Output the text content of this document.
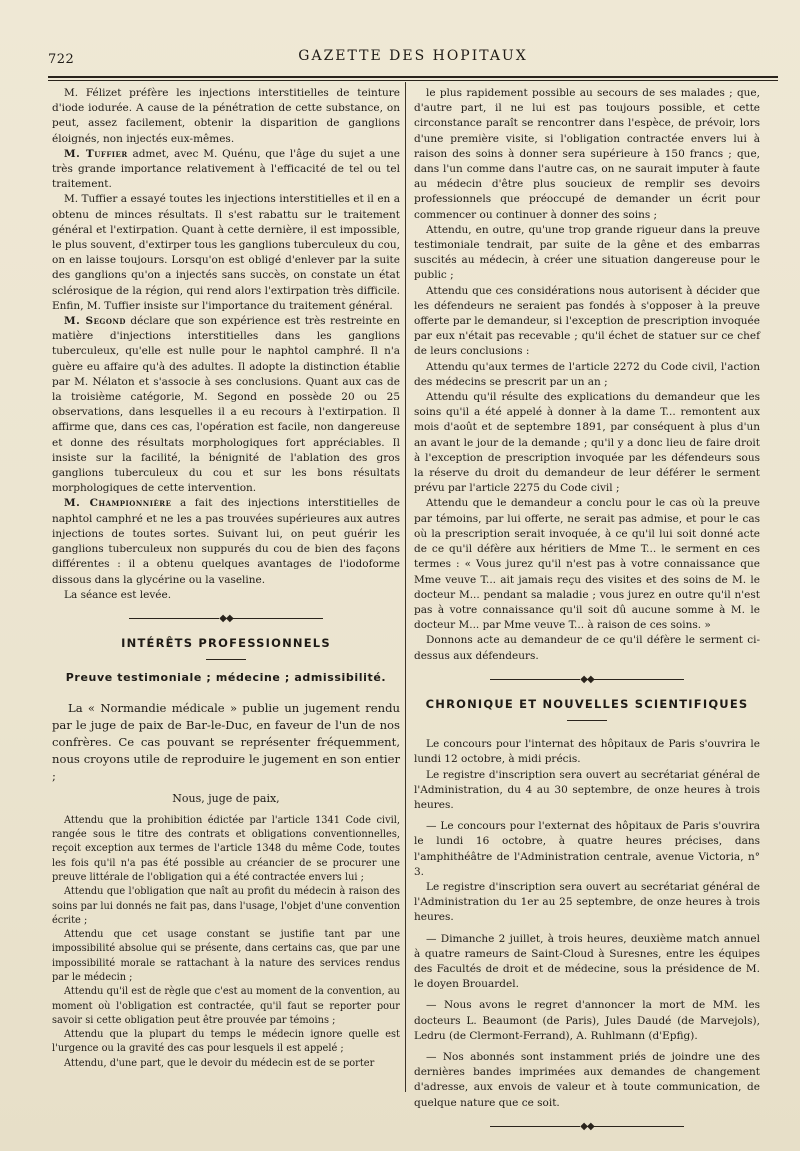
722	GAZETTE DES HOPITAUX

M. Félizet préfère les injections interstitielles de teinture d'iode iodurée. A cause de la pénétration de cette substance, on peut, assez facilement, obtenir la disparition de ganglions éloignés, non injectés eux-mêmes.

M. Tuffier admet, avec M. Quénu, que l'âge du sujet a une très grande importance relativement à l'efficacité de tel ou tel traitement.

M. Tuffier a essayé toutes les injections interstitielles et il en a obtenu de minces résultats. Il s'est rabattu sur le traitement général et l'extirpation. Quant à cette dernière, il est impossible, le plus souvent, d'extirper tous les ganglions tuberculeux du cou, on en laisse toujours. Lorsqu'on est obligé d'enlever par la suite des ganglions qu'on a injectés sans succès, on constate un état sclérosique de la région, qui rend alors l'extirpation très difficile. Enfin, M. Tuffier insiste sur l'importance du traitement général.

M. Segond déclare que son expérience est très restreinte en matière d'injections interstitielles dans les ganglions tuberculeux, qu'elle est nulle pour le naphtol camphré. Il n'a guère eu affaire qu'à des adultes. Il adopte la distinction établie par M. Nélaton et s'associe à ses conclusions. Quant aux cas de la troisième catégorie, M. Segond en possède 20 ou 25 observations, dans lesquelles il a eu recours à l'extirpation. Il affirme que, dans ces cas, l'opération est facile, non dangereuse et donne des résultats morphologiques fort appréciables. Il insiste sur la facilité, la bénignité de l'ablation des gros ganglions tuberculeux du cou et sur les bons résultats morphologiques de cette intervention.

M. Championnière a fait des injections interstitielles de naphtol camphré et ne les a pas trouvées supérieures aux autres injections de toutes sortes. Suivant lui, on peut guérir les ganglions tuberculeux non suppurés du cou de bien des façons différentes : il a obtenu quelques avantages de l'iodoforme dissous dans la glycérine ou la vaseline.

La séance est levée.

◆◆
INTÉRÊTS PROFESSIONNELS
Preuve testimoniale ; médecine ; admissibilité.

La « Normandie médicale » publie un jugement rendu par le juge de paix de Bar-le-Duc, en faveur de l'un de nos confrères. Ce cas pouvant se représenter fréquemment, nous croyons utile de reproduire le jugement en son entier ;

Nous, juge de paix,

Attendu que la prohibition édictée par l'article 1341 Code civil, rangée sous le titre des contrats et obligations conventionnelles, reçoit exception aux termes de l'article 1348 du même Code, toutes les fois qu'il n'a pas été possible au créancier de se procurer une preuve littérale de l'obligation qui a été contractée envers lui ;

Attendu que l'obligation que naît au profit du médecin à raison des soins par lui donnés ne fait pas, dans l'usage, l'objet d'une convention écrite ;

Attendu que cet usage constant se justifie tant par une impossibilité absolue qui se présente, dans certains cas, que par une impossibilité morale se rattachant à la nature des services rendus par le médecin ;

Attendu qu'il est de règle que c'est au moment de la convention, au moment où l'obligation est contractée, qu'il faut se reporter pour savoir si cette obligation peut être prouvée par témoins ;

Attendu que la plupart du temps le médecin ignore quelle est l'urgence ou la gravité des cas pour lesquels il est appelé ;

Attendu, d'une part, que le devoir du médecin est de se porter

le plus rapidement possible au secours de ses malades ; que, d'autre part, il ne lui est pas toujours possible, et cette circonstance paraît se rencontrer dans l'espèce, de prévoir, lors d'une première visite, si l'obligation contractée envers lui à raison des soins à donner sera supérieure à 150 francs ; que, dans l'un comme dans l'autre cas, on ne saurait imputer à faute au médecin d'être plus soucieux de remplir ses devoirs professionnels que préoccupé de demander un écrit pour commencer ou continuer à donner des soins ;

Attendu, en outre, qu'une trop grande rigueur dans la preuve testimoniale tendrait, par suite de la gêne et des embarras suscités au médecin, à créer une situation dangereuse pour le public ;

Attendu que ces considérations nous autorisent à décider que les défendeurs ne seraient pas fondés à s'opposer à la preuve offerte par le demandeur, si l'exception de prescription invoquée par eux n'était pas recevable ; qu'il échet de statuer sur ce chef de leurs conclusions :

Attendu qu'aux termes de l'article 2272 du Code civil, l'action des médecins se prescrit par un an ;

Attendu qu'il résulte des explications du demandeur que les soins qu'il a été appelé à donner à la dame T... remontent aux mois d'août et de septembre 1891, par conséquent à plus d'un an avant le jour de la demande ; qu'il y a donc lieu de faire droit à l'exception de prescription invoquée par les défendeurs sous la réserve du droit du demandeur de leur déférer le serment prévu par l'article 2275 du Code civil ;

Attendu que le demandeur a conclu pour le cas où la preuve par témoins, par lui offerte, ne serait pas admise, et pour le cas où la prescription serait invoquée, à ce qu'il lui soit donné acte de ce qu'il défère aux héritiers de Mme T... le serment en ces termes : « Vous jurez qu'il n'est pas à votre connaissance que Mme veuve T... ait jamais reçu des visites et des soins de M. le docteur M... pendant sa maladie ; vous jurez en outre qu'il n'est pas à votre connaissance qu'il soit dû aucune somme à M. le docteur M... par Mme veuve T... à raison de ces soins. »

Donnons acte au demandeur de ce qu'il défère le serment ci-dessus aux défendeurs.

◆◆
CHRONIQUE ET NOUVELLES SCIENTIFIQUES

Le concours pour l'internat des hôpitaux de Paris s'ouvrira le lundi 12 octobre, à midi précis.

Le registre d'inscription sera ouvert au secrétariat général de l'Administration, du 4 au 30 septembre, de onze heures à trois heures.

— Le concours pour l'externat des hôpitaux de Paris s'ouvrira le lundi 16 octobre, à quatre heures précises, dans l'amphithéâtre de l'Administration centrale, avenue Victoria, n° 3.

Le registre d'inscription sera ouvert au secrétariat général de l'Administration du 1er au 25 septembre, de onze heures à trois heures.

— Dimanche 2 juillet, à trois heures, deuxième match annuel à quatre rameurs de Saint-Cloud à Suresnes, entre les équipes des Facultés de droit et de médecine, sous la présidence de M. le doyen Brouardel.

— Nous avons le regret d'annoncer la mort de MM. les docteurs L. Beaumont (de Paris), Jules Daudé (de Marvejols), Ledru (de Clermont-Ferrand), A. Ruhlmann (d'Epfig).

— Nos abonnés sont instamment priés de joindre une des dernières bandes imprimées aux demandes de changement d'adresse, aux envois de valeur et à toute communication, de quelque nature que ce soit.

◆◆
